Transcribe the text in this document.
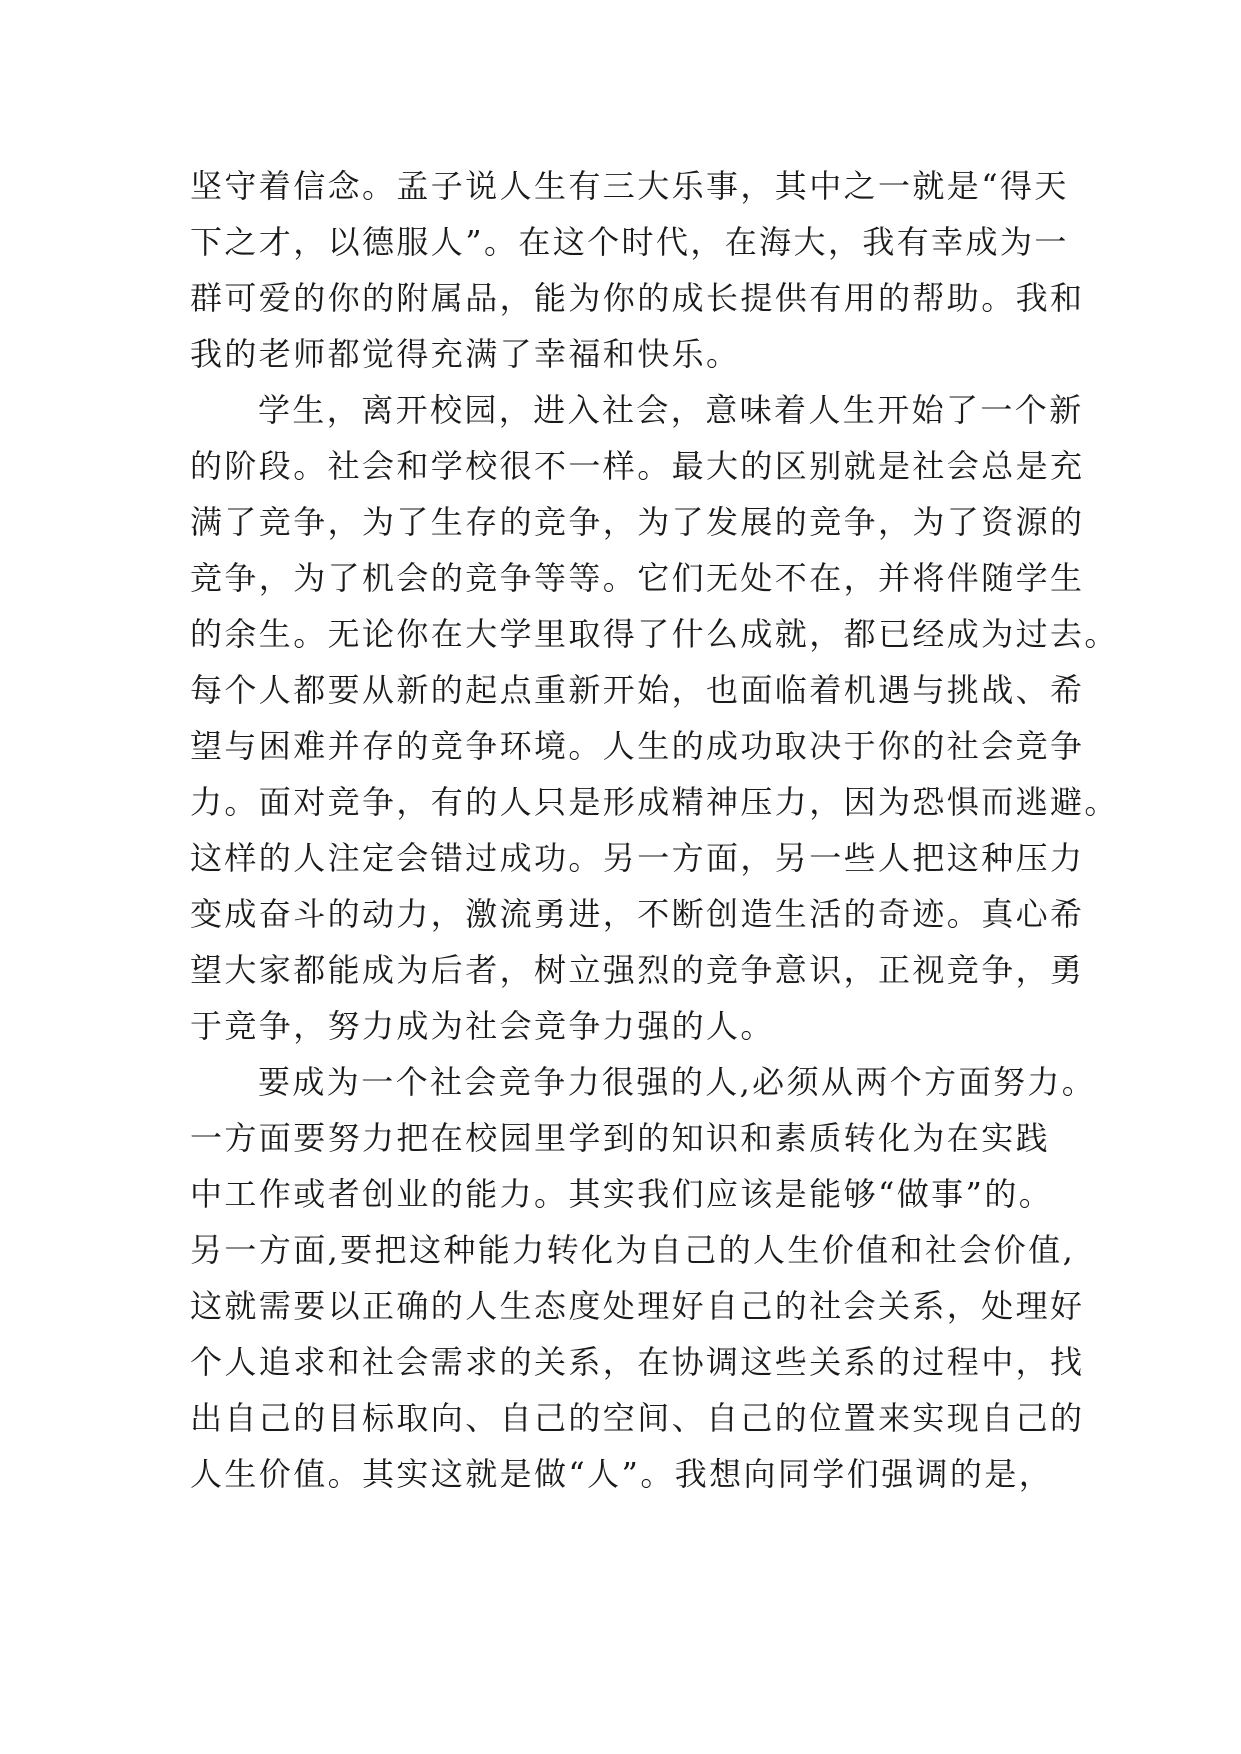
坚守着信念。孟子说人生有三大乐事，其中之一就是“得天
下之才，以德服人”。在这个时代，在海大，我有幸成为一
群可爱的你的附属品，能为你的成长提供有用的帮助。我和
我的老师都觉得充满了幸福和快乐。
学生，离开校园，进入社会，意味着人生开始了一个新
的阶段。社会和学校很不一样。最大的区别就是社会总是充
满了竞争，为了生存的竞争，为了发展的竞争，为了资源的
竞争，为了机会的竞争等等。它们无处不在，并将伴随学生
的余生。无论你在大学里取得了什么成就，都已经成为过去。
每个人都要从新的起点重新开始，也面临着机遇与挑战、希
望与困难并存的竞争环境。人生的成功取决于你的社会竞争
力。面对竞争，有的人只是形成精神压力，因为恐惧而逃避。
这样的人注定会错过成功。另一方面，另一些人把这种压力
变成奋斗的动力，激流勇进，不断创造生活的奇迹。真心希
望大家都能成为后者，树立强烈的竞争意识，正视竞争，勇
于竞争，努力成为社会竞争力强的人。
要成为一个社会竞争力很强的人,必须从两个方面努力。
一方面要努力把在校园里学到的知识和素质转化为在实践
中工作或者创业的能力。其实我们应该是能够“做事”的。
另一方面,要把这种能力转化为自己的人生价值和社会价值,
这就需要以正确的人生态度处理好自己的社会关系，处理好
个人追求和社会需求的关系，在协调这些关系的过程中，找
出自己的目标取向、自己的空间、自己的位置来实现自己的
人生价值。其实这就是做“人”。我想向同学们强调的是，
